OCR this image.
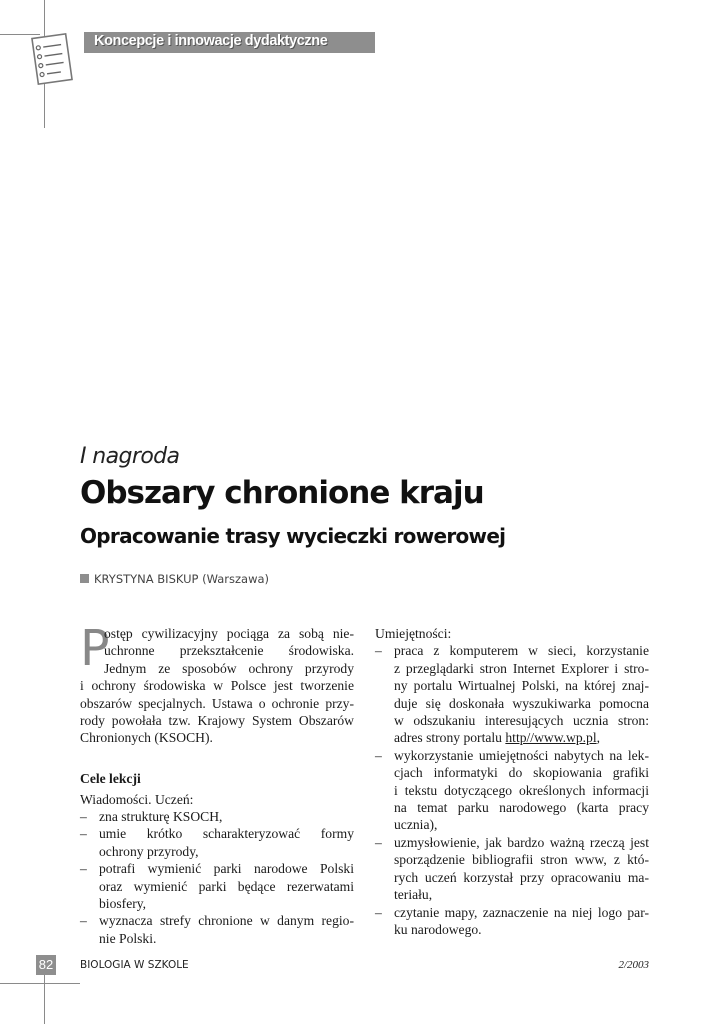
Koncepcje i innowacje dydaktyczne
I nagroda
Obszary chronione kraju
Opracowanie trasy wycieczki rowerowej
KRYSTYNA BISKUP (Warszawa)
P
ostęp cywilizacyjny pociąga za sobą nie-
uchronne przekształcenie środowiska.
Jednym ze sposobów ochrony przyrody
i ochrony środowiska w Polsce jest tworzenie
obszarów specjalnych. Ustawa o ochronie przy-
rody powołała tzw. Krajowy System Obszarów
Chronionych (KSOCH).
Cele lekcji
Wiadomości. Uczeń:
– zna strukturę KSOCH,
– umie krótko scharakteryzować formy
ochrony przyrody,
– potrafi wymienić parki narodowe Polski
oraz wymienić parki będące rezerwatami
biosfery,
– wyznacza strefy chronione w danym regio-
nie Polski.
Umiejętności:
– praca z komputerem w sieci, korzystanie
z przeglądarki stron Internet Explorer i stro-
ny portalu Wirtualnej Polski, na której znaj-
duje się doskonała wyszukiwarka pomocna
w odszukaniu interesujących ucznia stron:
adres strony portalu http//www.wp.pl,
– wykorzystanie umiejętności nabytych na lek-
cjach informatyki do skopiowania grafiki
i tekstu dotyczącego określonych informacji
na temat parku narodowego (karta pracy
ucznia),
– uzmysłowienie, jak bardzo ważną rzeczą jest
sporządzenie bibliografii stron www, z któ-
rych uczeń korzystał przy opracowaniu ma-
teriału,
– czytanie mapy, zaznaczenie na niej logo par-
ku narodowego.
82	BIOLOGIA W SZKOLE	2/2003
